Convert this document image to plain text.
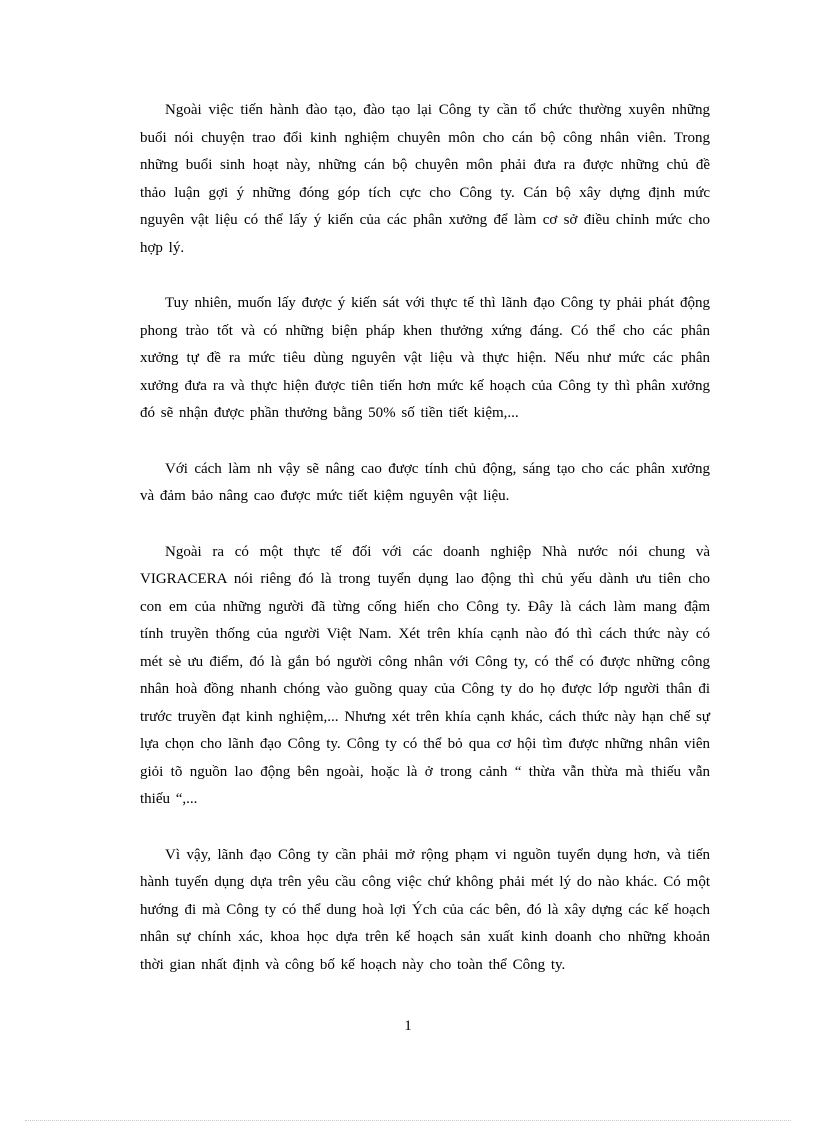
Ngoài việc tiến hành đào tạo, đào tạo lại Công ty cần tổ chức thường xuyên những buổi nói chuyện trao đổi kinh nghiệm chuyên môn cho cán bộ công nhân viên. Trong những buổi sinh hoạt này, những cán bộ chuyên môn phải đưa ra được những chủ đề thảo luận gợi ý những đóng góp tích cực cho Công ty. Cán bộ xây dựng định mức nguyên vật liệu có thể lấy ý kiến của các phân xưởng để làm cơ sở điều chỉnh mức cho hợp lý.

Tuy nhiên, muốn lấy được ý kiến sát với thực tế thì lãnh đạo Công ty phải phát động phong trào tốt và có những biện pháp khen thưởng xứng đáng. Có thể cho các phân xưởng tự đề ra mức tiêu dùng nguyên vật liệu và thực hiện. Nếu như mức các phân xưởng đưa ra và thực hiện được tiên tiến hơn mức kế hoạch của Công ty thì phân xưởng đó sẽ nhận được phần thưởng bằng 50% số tiền tiết kiệm,...

Với cách làm nh vậy sẽ nâng cao được tính chủ động, sáng tạo cho các phân xưởng và đảm bảo nâng cao được mức tiết kiệm nguyên vật liệu.

Ngoài ra có một thực tế đối với các doanh nghiệp Nhà nước nói chung và VIGRACERA nói riêng đó là trong tuyển dụng lao động thì chủ yếu dành ưu tiên cho con em của những người đã từng cống hiến cho Công ty. Đây là cách làm mang đậm tính truyền thống của người Việt Nam. Xét trên khía cạnh nào đó thì cách thức này có mét sè ưu điểm, đó là gắn bó người công nhân với Công ty, có thể có được những công nhân hoà đồng nhanh chóng vào guồng quay của Công ty do họ được lớp người thân đi trước truyền đạt kinh nghiệm,... Nhưng xét trên khía cạnh khác, cách thức này hạn chế sự lựa chọn cho lãnh đạo Công ty. Công ty có thể bỏ qua cơ hội tìm được những nhân viên giỏi tõ nguồn lao động bên ngoài, hoặc là ở trong cảnh “ thừa vẫn thừa mà thiếu vẫn thiếu “,...

Vì vậy, lãnh đạo Công ty cần phải mở rộng phạm vi nguồn tuyển dụng hơn, và tiến hành tuyển dụng dựa trên yêu cầu công việc chứ không phải mét lý do nào khác. Có một hướng đi mà Công ty có thể dung hoà lợi Ých của các bên, đó là xây dựng các kế hoạch nhân sự chính xác, khoa học dựa trên kế hoạch sản xuất kinh doanh cho những khoản thời gian nhất định và công bố kế hoạch này cho toàn thể Công ty.

1
